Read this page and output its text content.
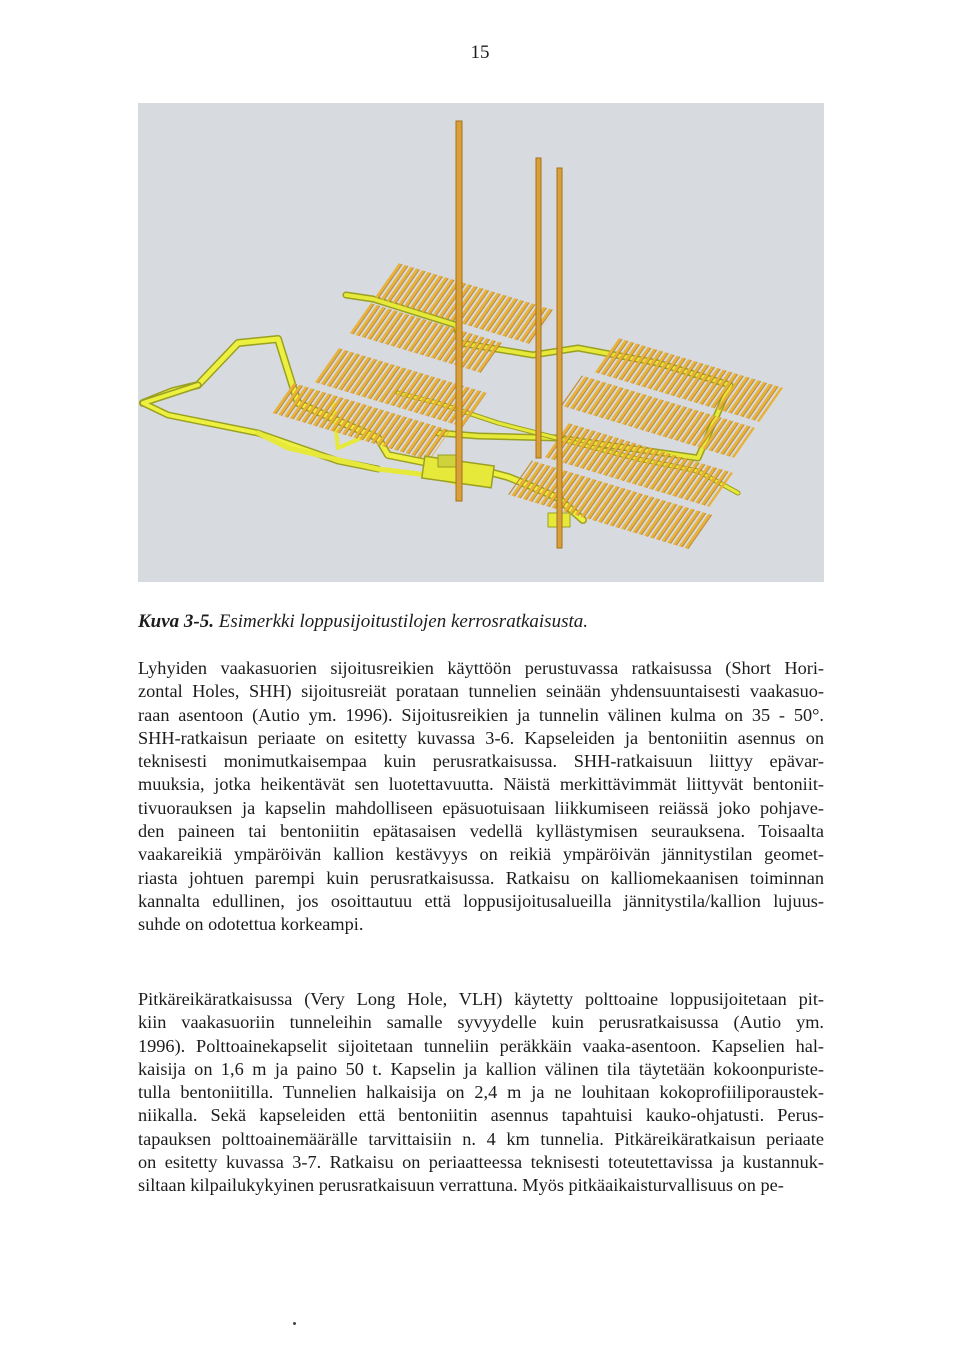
15
Kuva 3-5. Esimerkki loppusijoitustilojen kerrosratkaisusta.
Lyhyiden vaakasuorien sijoitusreikien käyttöön perustuvassa ratkaisussa (Short Hori-
zontal Holes, SHH) sijoitusreiät porataan tunnelien seinään yhdensuuntaisesti vaakasuo-
raan asentoon (Autio ym. 1996). Sijoitusreikien ja tunnelin välinen kulma on 35 - 50°.
SHH-ratkaisun periaate on esitetty kuvassa 3-6. Kapseleiden ja bentoniitin asennus on
teknisesti monimutkaisempaa kuin perusratkaisussa. SHH-ratkaisuun liittyy epävar-
muuksia, jotka heikentävät sen luotettavuutta. Näistä merkittävimmät liittyvät bentoniit-
tivuorauksen ja kapselin mahdolliseen epäsuotuisaan liikkumiseen reiässä joko pohjave-
den paineen tai bentoniitin epätasaisen vedellä kyllästymisen seurauksena. Toisaalta
vaakareikiä ympäröivän kallion kestävyys on reikiä ympäröivän jännitystilan geomet-
riasta johtuen parempi kuin perusratkaisussa. Ratkaisu on kalliomekaanisen toiminnan
kannalta edullinen, jos osoittautuu että loppusijoitusalueilla jännitystila/kallion lujuus-
suhde on odotettua korkeampi.
Pitkäreikäratkaisussa (Very Long Hole, VLH) käytetty polttoaine loppusijoitetaan pit-
kiin vaakasuoriin tunneleihin samalle syvyydelle kuin perusratkaisussa (Autio ym.
1996). Polttoainekapselit sijoitetaan tunneliin peräkkäin vaaka-asentoon. Kapselien hal-
kaisija on 1,6 m ja paino 50 t. Kapselin ja kallion välinen tila täytetään kokoonpuriste-
tulla bentoniitilla. Tunnelien halkaisija on 2,4 m ja ne louhitaan kokoprofiiliporaustek-
niikalla. Sekä kapseleiden että bentoniitin asennus tapahtuisi kauko-ohjatusti. Perus-
tapauksen polttoainemäärälle tarvittaisiin n. 4 km tunnelia. Pitkäreikäratkaisun periaate
on esitetty kuvassa 3-7. Ratkaisu on periaatteessa teknisesti toteutettavissa ja kustannuk-
siltaan kilpailukykyinen perusratkaisuun verrattuna. Myös pitkäaikaisturvallisuus on pe-
